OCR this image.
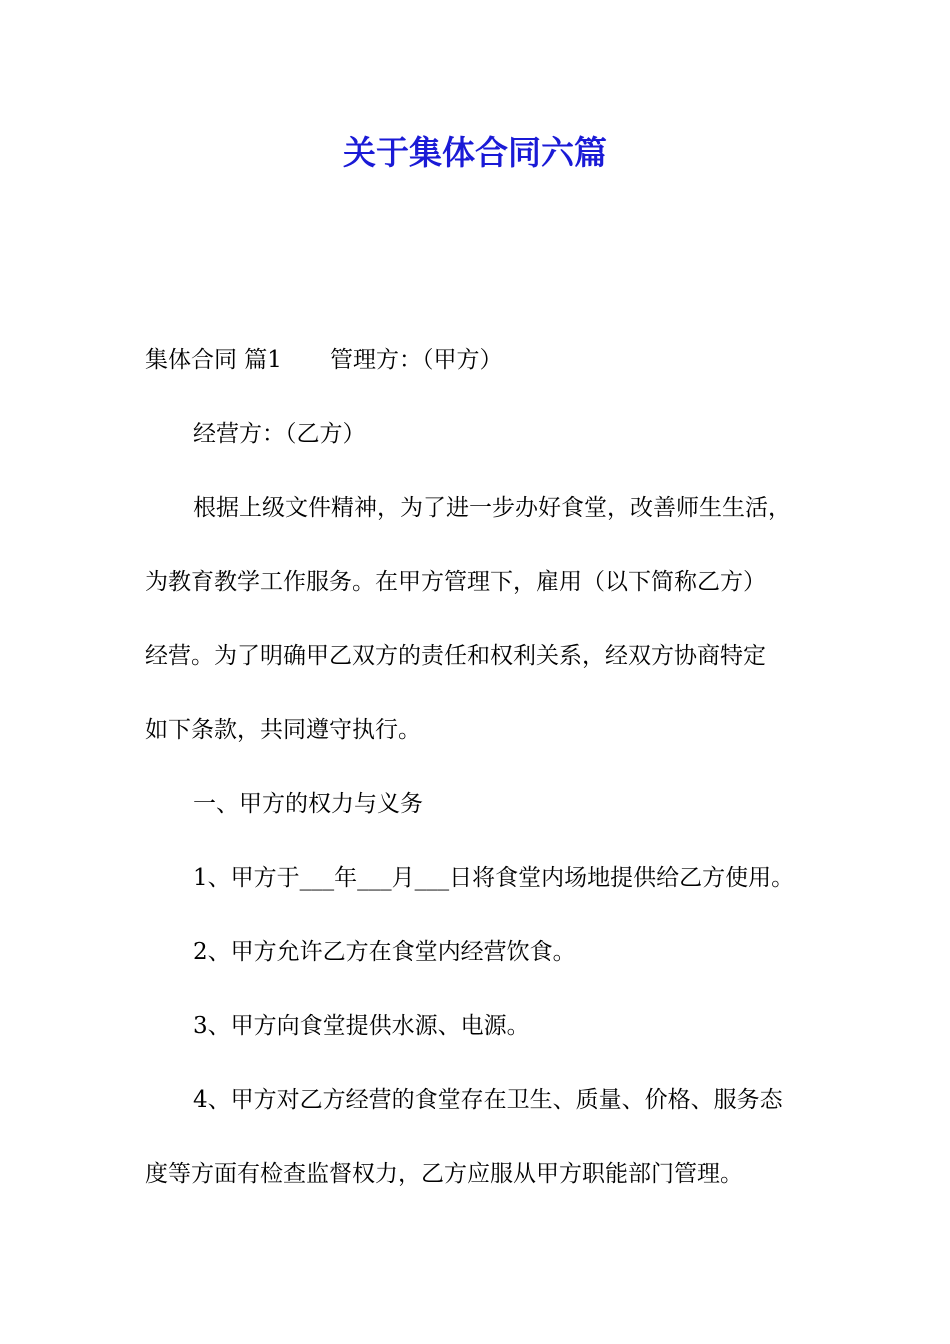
关于集体合同六篇
集体合同 篇1 管理方：（甲方）
经营方：（乙方）
根据上级文件精神，为了进一步办好食堂，改善师生生活，
为教育教学工作服务。在甲方管理下，雇用（以下简称乙方）
经营。为了明确甲乙双方的责任和权利关系，经双方协商特定
如下条款，共同遵守执行。
一、甲方的权力与义务
1、甲方于___年___月___日将食堂内场地提供给乙方使用。
2、甲方允许乙方在食堂内经营饮食。
3、甲方向食堂提供水源、电源。
4、甲方对乙方经营的食堂存在卫生、质量、价格、服务态
度等方面有检查监督权力，乙方应服从甲方职能部门管理。
